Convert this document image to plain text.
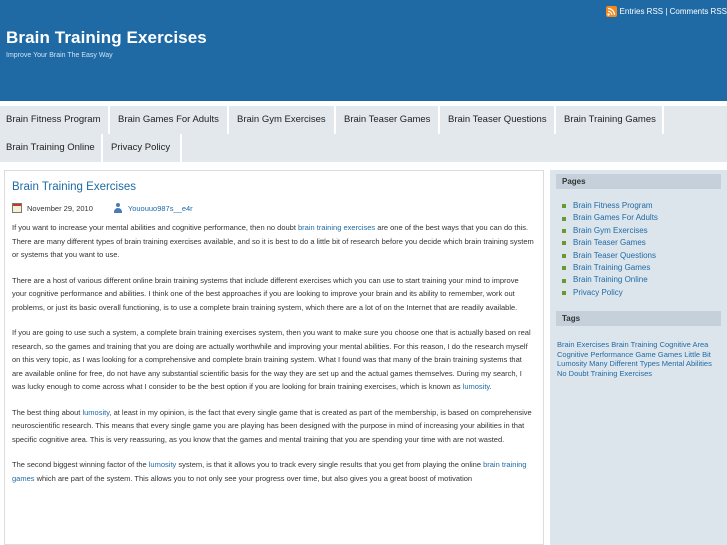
Entries RSS | Comments RSS
Brain Training Exercises
Improve Your Brain The Easy Way
Brain Fitness Program	Brain Games For Adults	Brain Gym Exercises	Brain Teaser Games	Brain Teaser Questions	Brain Training Games
Brain Training Online	Privacy Policy
Brain Training Exercises
November 29, 2010	Yououuo987s__e4r

If you want to increase your mental abilities and cognitive performance, then no doubt brain training exercises are one of the best ways that you can do this. There are many different types of brain training exercises available, and so it is best to do a little bit of research before you decide which brain training system or systems that you want to use.

There are a host of various different online brain training systems that include different exercises which you can use to start training your mind to improve your cognitive performance and abilities. I think one of the best approaches if you are looking to improve your brain and its ability to remember, work out problems, or just its basic overall functioning, is to use a complete brain training system, which there are a lot of on the Internet that are readily available.

If you are going to use such a system, a complete brain training exercises system, then you want to make sure you choose one that is actually based on real research, so the games and training that you are doing are actually worthwhile and improving your mental abilities. For this reason, I do the research myself on this very topic, as I was looking for a comprehensive and complete brain training system. What I found was that many of the brain training systems that are available online for free, do not have any substantial scientific basis for the way they are set up and the actual games themselves. During my search, I was lucky enough to come across what I consider to be the best option if you are looking for brain training exercises, which is known as lumosity.

The best thing about lumosity, at least in my opinion, is the fact that every single game that is created as part of the membership, is based on comprehensive neuroscientific research. This means that every single game you are playing has been designed with the purpose in mind of increasing your abilities in that specific cognitive area. This is very reassuring, as you know that the games and mental training that you are spending your time with are not wasted.

The second biggest winning factor of the lumosity system, is that it allows you to track every single results that you get from playing the online brain training games which are part of the system. This allows you to not only see your progress over time, but also gives you a great boost of motivation

Pages
Brain Fitness Program
Brain Games For Adults
Brain Gym Exercises
Brain Teaser Games
Brain Teaser Questions
Brain Training Games
Brain Training Online
Privacy Policy
Tags
Brain Exercises Brain Training Cognitive Area Cognitive Performance Game Games Little Bit Lumosity Many Different Types Mental Abilities No Doubt Training Exercises
